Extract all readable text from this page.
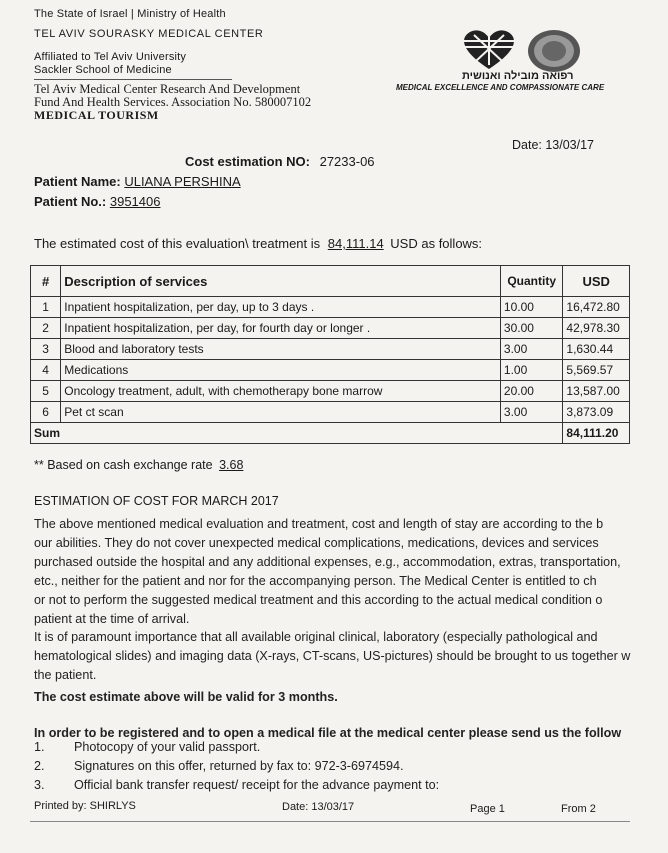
The State of Israel | Ministry of Health
TEL AVIV SOURASKY MEDICAL CENTER
Affiliated to Tel Aviv University
Sackler School of Medicine
Tel Aviv Medical Center Research And Development
Fund And Health Services. Association No. 580007102
MEDICAL TOURISM
רפואה מובילה ואנושית
MEDICAL EXCELLENCE AND COMPASSIONATE CARE
Date: 13/03/17
Cost estimation NO: 27233-06
Patient Name: ULIANA PERSHINA
Patient No.: 3951406
The estimated cost of this evaluation\ treatment is 84,111.14 USD as follows:
#	Description of services	Quantity	USD
1	Inpatient hospitalization, per day, up to 3 days .	10.00	16,472.80
2	Inpatient hospitalization, per day, for fourth day or longer .	30.00	42,978.30
3	Blood and laboratory tests	3.00	1,630.44
4	Medications	1.00	5,569.57
5	Oncology treatment, adult, with chemotherapy bone marrow	20.00	13,587.00
6	Pet ct scan	3.00	3,873.09
Sum			84,111.20
** Based on cash exchange rate 3.68
ESTIMATION OF COST FOR MARCH 2017
The above mentioned medical evaluation and treatment, cost and length of stay are according to the b
our abilities. They do not cover unexpected medical complications, medications, devices and services
purchased outside the hospital and any additional expenses, e.g., accommodation, extras, transportation,
etc., neither for the patient and nor for the accompanying person. The Medical Center is entitled to ch
or not to perform the suggested medical treatment and this according to the actual medical condition o
patient at the time of arrival.
It is of paramount importance that all available original clinical, laboratory (especially pathological and
hematological slides) and imaging data (X-rays, CT-scans, US-pictures) should be brought to us together w
the patient.
The cost estimate above will be valid for 3 months.
In order to be registered and to open a medical file at the medical center please send us the follow
1. Photocopy of your valid passport.
2. Signatures on this offer, returned by fax to: 972-3-6974594.
3. Official bank transfer request/ receipt for the advance payment to:
Printed by: SHIRLYS	Date: 13/03/17	Page 1	From 2
